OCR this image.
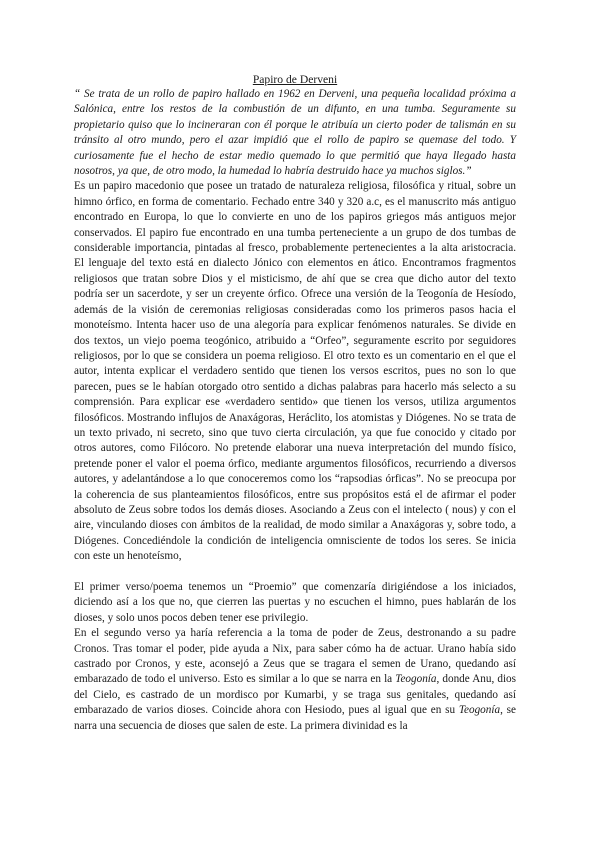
Papiro de Derveni

“ Se trata de un rollo de papiro hallado en 1962 en Derveni, una pequeña localidad próxima a Salónica, entre los restos de la combustión de un difunto, en una tumba. Seguramente su propietario quiso que lo incineraran con él porque le atribuía un cierto poder de talismán en su tránsito al otro mundo, pero el azar impidió que el rollo de papiro se quemase del todo. Y curiosamente fue el hecho de estar medio quemado lo que permitió que haya llegado hasta nosotros, ya que, de otro modo, la humedad lo habría destruido hace ya muchos siglos.”

Es un papiro macedonio que posee un tratado de naturaleza religiosa, filosófica y ritual, sobre un himno órfico, en forma de comentario. Fechado entre 340 y 320 a.c, es el manuscrito más antiguo encontrado en Europa, lo que lo convierte en uno de los papiros griegos más antiguos mejor conservados. El papiro fue encontrado en una tumba perteneciente a un grupo de dos tumbas de considerable importancia, pintadas al fresco, probablemente pertenecientes a la alta aristocracia. El lenguaje del texto está en dialecto Jónico con elementos en ático. Encontramos fragmentos religiosos que tratan sobre Dios y el misticismo, de ahí que se crea que dicho autor del texto podría ser un sacerdote, y ser un creyente órfico. Ofrece una versión de la Teogonía de Hesíodo, además de la visión de ceremonias religiosas consideradas como los primeros pasos hacia el monoteísmo. Intenta hacer uso de una alegoría para explicar fenómenos naturales. Se divide en dos textos, un viejo poema teogónico, atribuido a “Orfeo”, seguramente escrito por seguidores religiosos, por lo que se considera un poema religioso. El otro texto es un comentario en el que el autor, intenta explicar el verdadero sentido que tienen los versos escritos, pues no son lo que parecen, pues se le habían otorgado otro sentido a dichas palabras para hacerlo más selecto a su comprensión. Para explicar ese «verdadero sentido» que tienen los versos, utiliza argumentos filosóficos. Mostrando influjos de Anaxágoras, Heráclito, los atomistas y Diógenes. No se trata de un texto privado, ni secreto, sino que tuvo cierta circulación, ya que fue conocido y citado por otros autores, como Filócoro. No pretende elaborar una nueva interpretación del mundo físico, pretende poner el valor el poema órfico, mediante argumentos filosóficos, recurriendo a diversos autores, y adelantándose a lo que conoceremos como los “rapsodias órficas”. No se preocupa por la coherencia de sus planteamientos filosóficos, entre sus propósitos está el de afirmar el poder absoluto de Zeus sobre todos los demás dioses. Asociando a Zeus con el intelecto ( nous) y con el aire, vinculando dioses con ámbitos de la realidad, de modo similar a Anaxágoras y, sobre todo, a Diógenes. Concediéndole la condición de inteligencia omnisciente de todos los seres. Se inicia con este un henoteísmo,

El primer verso/poema tenemos un “Proemio” que comenzaría dirigiéndose a los iniciados, diciendo así a los que no, que cierren las puertas y no escuchen el himno, pues hablarán de los dioses, y solo unos pocos deben tener ese privilegio.

En el segundo verso ya haría referencia a la toma de poder de Zeus, destronando a su padre Cronos. Tras tomar el poder, pide ayuda a Nix, para saber cómo ha de actuar. Urano había sido castrado por Cronos, y este, aconsejó a Zeus que se tragara el semen de Urano, quedando así embarazado de todo el universo. Esto es similar a lo que se narra en la Teogonía, donde Anu, dios del Cielo, es castrado de un mordisco por Kumarbi, y se traga sus genitales, quedando así embarazado de varios dioses. Coincide ahora con Hesiodo, pues al igual que en su Teogonía, se narra una secuencia de dioses que salen de este. La primera divinidad es la
